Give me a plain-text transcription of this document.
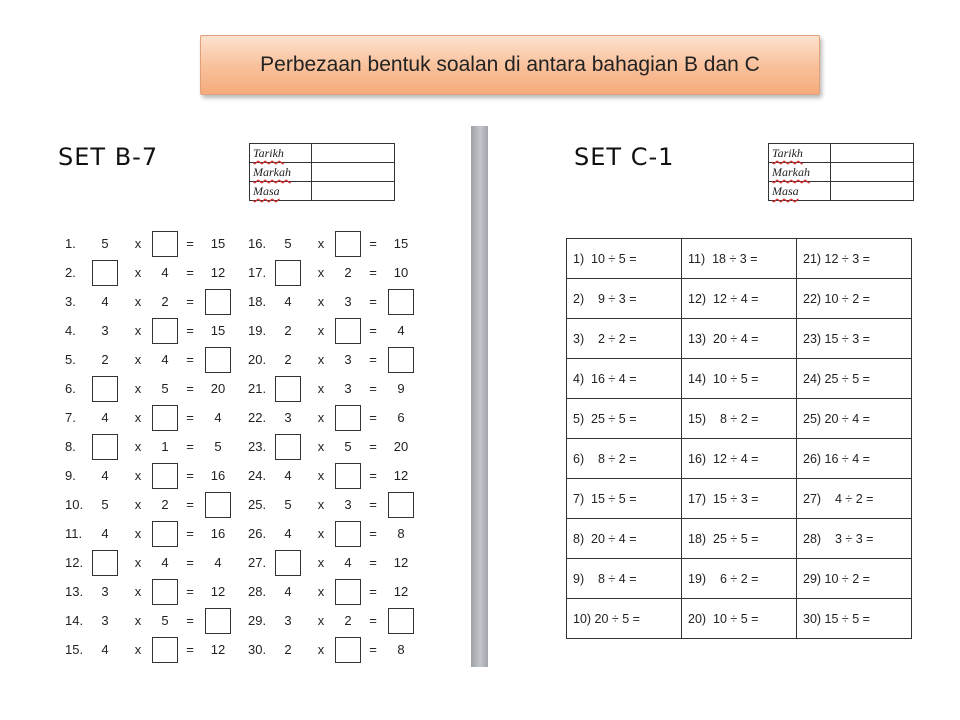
Perbezaan bentuk soalan di antara bahagian B dan C
SET B-7	Tarikh	
Markah	
Masa	
1.	5	x	=	15
2.	x	4	=	12
3.	4	x	2	=
4.	3	x	=	15
5.	2	x	4	=
6.	x	5	=	20
7.	4	x	=	4
8.	x	1	=	5
9.	4	x	=	16
10.	5	x	2	=
11.	4	x	=	16
12.	x	4	=	4
13.	3	x	=	12
14.	3	x	5	=
15.	4	x	=	12
16.	5	x	=	15
17.	x	2	=	10
18.	4	x	3	=
19.	2	x	=	4
20.	2	x	3	=
21.	x	3	=	9
22.	3	x	=	6
23.	x	5	=	20
24.	4	x	=	12
25.	5	x	3	=
26.	4	x	=	8
27.	x	4	=	12
28.	4	x	=	12
29.	3	x	2	=
30.	2	x	=	8
SET C-1	Tarikh	
Markah	
Masa	
1)  10 ÷ 5 =	11)  18 ÷ 3 =	21) 12 ÷ 3 =
2)    9 ÷ 3 =	12)  12 ÷ 4 =	22) 10 ÷ 2 =
3)    2 ÷ 2 =	13)  20 ÷ 4 =	23) 15 ÷ 3 =
4)  16 ÷ 4 =	14)  10 ÷ 5 =	24) 25 ÷ 5 =
5)  25 ÷ 5 =	15)    8 ÷ 2 =	25) 20 ÷ 4 =
6)    8 ÷ 2 =	16)  12 ÷ 4 =	26) 16 ÷ 4 =
7)  15 ÷ 5 =	17)  15 ÷ 3 =	27)    4 ÷ 2 =
8)  20 ÷ 4 =	18)  25 ÷ 5 =	28)    3 ÷ 3 =
9)    8 ÷ 4 =	19)    6 ÷ 2 =	29) 10 ÷ 2 =
10) 20 ÷ 5 =	20)  10 ÷ 5 =	30) 15 ÷ 5 =
